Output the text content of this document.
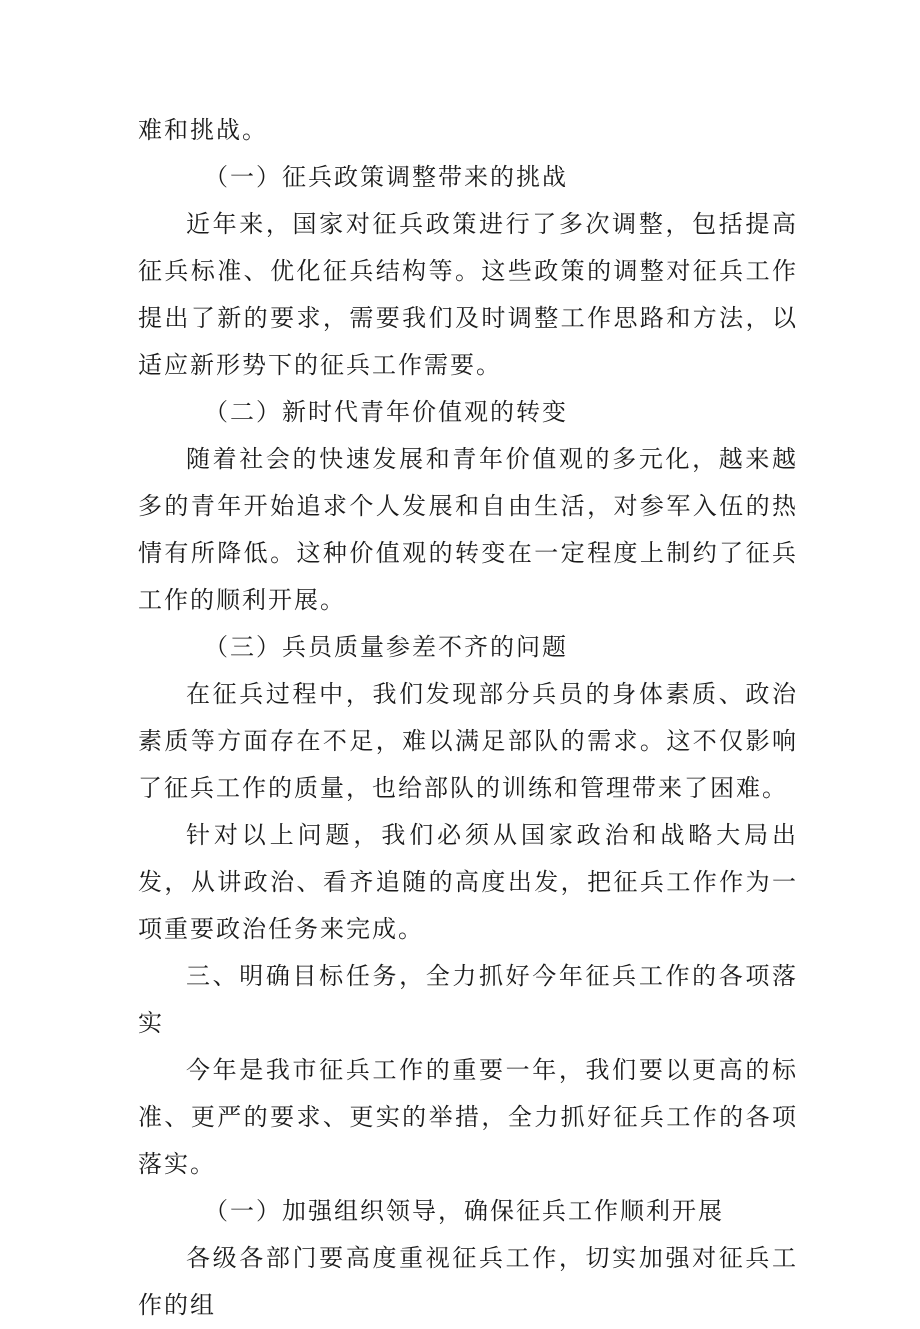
难和挑战。

（一）征兵政策调整带来的挑战

近年来，国家对征兵政策进行了多次调整，包括提高征兵标准、优化征兵结构等。这些政策的调整对征兵工作提出了新的要求，需要我们及时调整工作思路和方法，以适应新形势下的征兵工作需要。

（二）新时代青年价值观的转变

随着社会的快速发展和青年价值观的多元化，越来越多的青年开始追求个人发展和自由生活，对参军入伍的热情有所降低。这种价值观的转变在一定程度上制约了征兵工作的顺利开展。

（三）兵员质量参差不齐的问题

在征兵过程中，我们发现部分兵员的身体素质、政治素质等方面存在不足，难以满足部队的需求。这不仅影响了征兵工作的质量，也给部队的训练和管理带来了困难。

针对以上问题，我们必须从国家政治和战略大局出发，从讲政治、看齐追随的高度出发，把征兵工作作为一项重要政治任务来完成。

三、明确目标任务，全力抓好今年征兵工作的各项落实

今年是我市征兵工作的重要一年，我们要以更高的标准、更严的要求、更实的举措，全力抓好征兵工作的各项落实。

（一）加强组织领导，确保征兵工作顺利开展

各级各部门要高度重视征兵工作，切实加强对征兵工作的组
